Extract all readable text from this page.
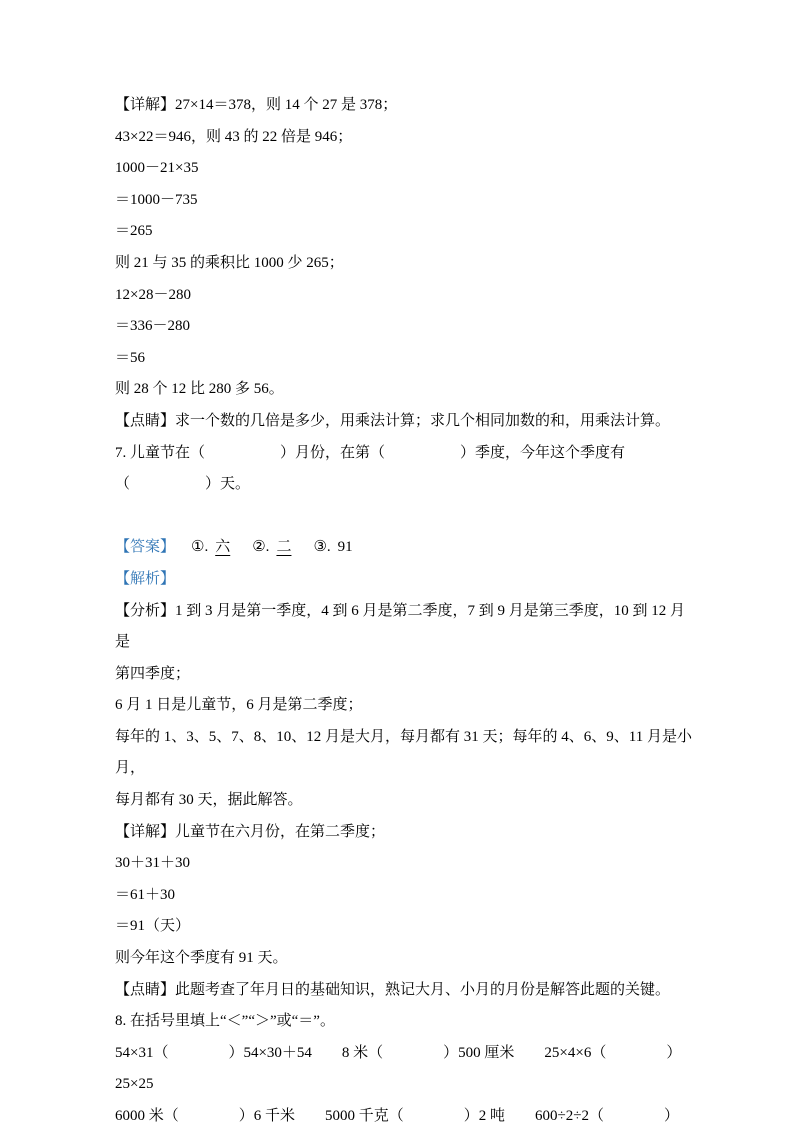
【详解】27×14＝378，则 14 个 27 是 378；

43×22＝946，则 43 的 22 倍是 946；

1000－21×35

＝1000－735

＝265

则 21 与 35 的乘积比 1000 少 265；

12×28－280

＝336－280

＝56

则 28 个 12 比 280 多 56。

【点睛】求一个数的几倍是多少，用乘法计算；求几个相同加数的和，用乘法计算。

7. 儿童节在（　　　　　）月份，在第（　　　　　）季度，今年这个季度有（　　　　　）天。

【答案】 ①. 六 ②. 二 ③. 91

【解析】

【分析】1 到 3 月是第一季度，4 到 6 月是第二季度，7 到 9 月是第三季度，10 到 12 月是

第四季度；

6 月 1 日是儿童节，6 月是第二季度；

每年的 1、3、5、7、8、10、12 月是大月，每月都有 31 天；每年的 4、6、9、11 月是小月，

每月都有 30 天，据此解答。

【详解】儿童节在六月份，在第二季度；

30＋31＋30

＝61＋30

＝91（天）

则今年这个季度有 91 天。

【点睛】此题考查了年月日的基础知识，熟记大月、小月的月份是解答此题的关键。

8. 在括号里填上“＜”“＞”或“＝”。

54×31（　　　　）54×30＋54　　8 米（　　　　）500 厘米　　25×4×6（　　　　）

25×25

6000 米（　　　　）6 千米　　5000 千克（　　　　）2 吨　　600÷2÷2（　　　　）
